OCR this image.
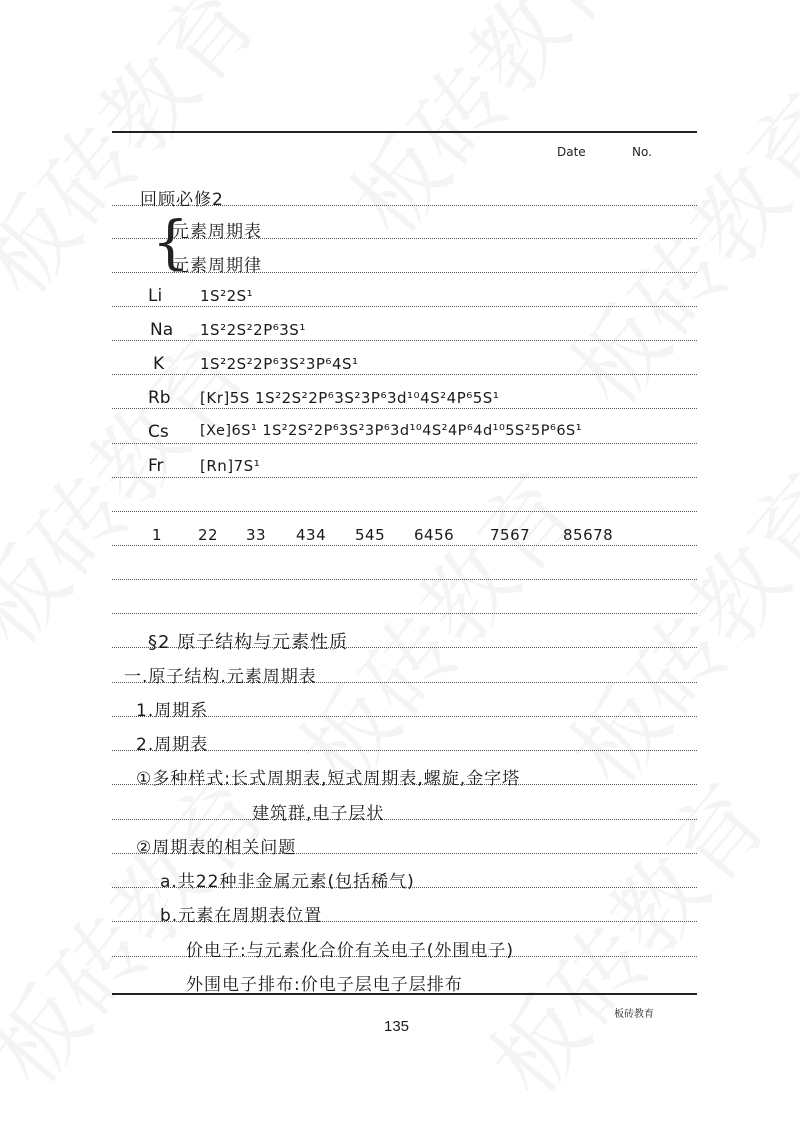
Date	No.
回顾必修2
{
元素周期表
元素周期律
Li	1S²2S¹
Na 1S²2S²2P⁶3S¹
K 1S²2S²2P⁶3S²3P⁶4S¹
Rb [Kr]5S 1S²2S²2P⁶3S²3P⁶3d¹⁰4S²4P⁶5S¹
Cs [Xe]6S¹ 1S²2S²2P⁶3S²3P⁶3d¹⁰4S²4P⁶4d¹⁰5S²5P⁶6S¹
Fr [Rn]7S¹
1 22 33 434 545 6456 7567 85678
§2 原子结构与元素性质
一.原子结构.元素周期表
1.周期系
2.周期表
①多种样式:长式周期表,短式周期表,螺旋,金字塔
建筑群,电子层状
②周期表的相关问题
a.共22种非金属元素(包括稀气)
b.元素在周期表位置
价电子:与元素化合价有关电子(外围电子)
外围电子排布:价电子层电子层排布
板砖教育
135
